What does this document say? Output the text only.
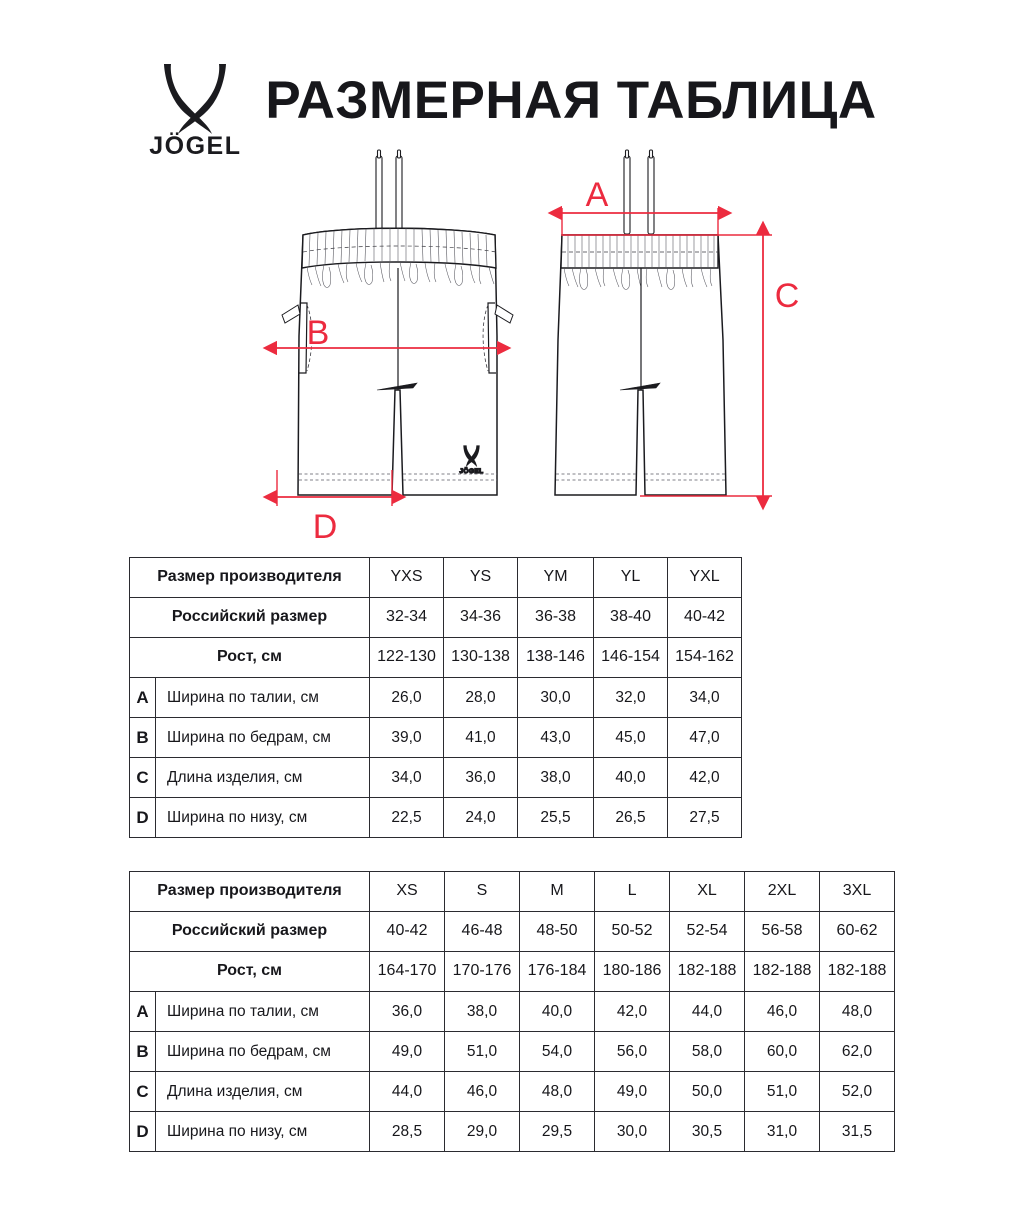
JÖGEL
РАЗМЕРНАЯ ТАБЛИЦА
JÖGEL
B
D
A
C
Размер производителя		YXS	YS	YM	YL	YXL
Российский размер		32-34	34-36	36-38	38-40	40-42
Рост, см		122-130	130-138	138-146	146-154	154-162
A	Ширина по талии, см	26,0	28,0	30,0	32,0	34,0
B	Ширина по бедрам, см	39,0	41,0	43,0	45,0	47,0
C	Длина изделия, см	34,0	36,0	38,0	40,0	42,0
D	Ширина по низу, см	22,5	24,0	25,5	26,5	27,5
Размер производителя		XS	S	M	L	XL	2XL	3XL
Российский размер		40-42	46-48	48-50	50-52	52-54	56-58	60-62
Рост, см		164-170	170-176	176-184	180-186	182-188	182-188	182-188
A	Ширина по талии, см	36,0	38,0	40,0	42,0	44,0	46,0	48,0
B	Ширина по бедрам, см	49,0	51,0	54,0	56,0	58,0	60,0	62,0
C	Длина изделия, см	44,0	46,0	48,0	49,0	50,0	51,0	52,0
D	Ширина по низу, см	28,5	29,0	29,5	30,0	30,5	31,0	31,5
